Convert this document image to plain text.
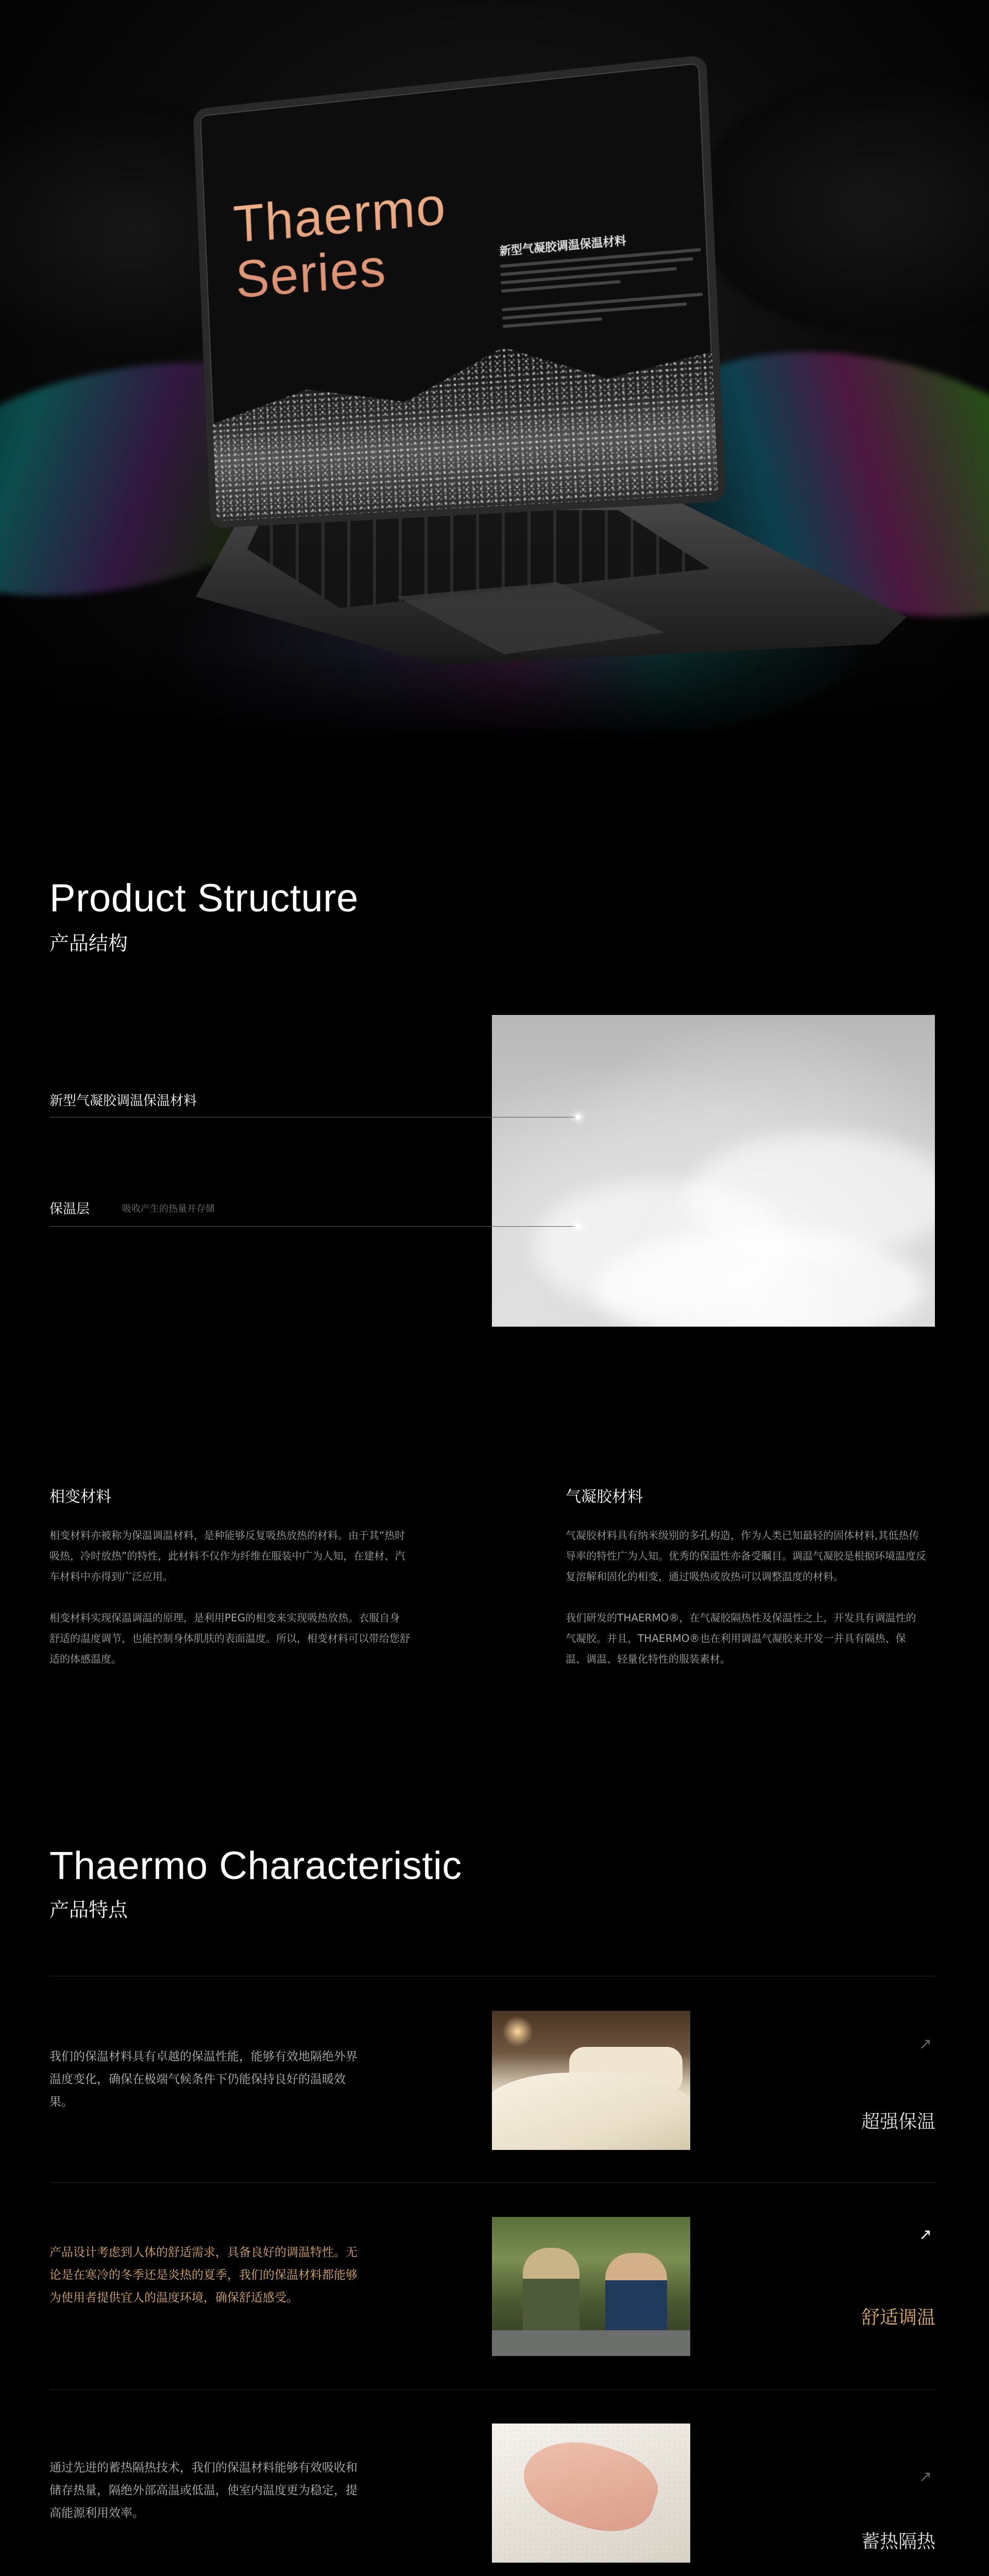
Thaermo
Series	新型气凝胶调温保温材料
Product Structure
产品结构
新型气凝胶调温保温材料
保温层	吸收产生的热量并存储
相变材料
相变材料亦被称为保温调温材料，是种能够反复吸热放热的材料。由于其“热时吸热，冷时放热”的特性，此材料不仅作为纤维在服装中广为人知，在建材、汽车材料中亦得到广泛应用。
相变材料实现保温调温的原理，是利用PEG的相变来实现吸热放热。衣服自身舒适的温度调节，也能控制身体肌肤的表面温度。所以，相变材料可以带给您舒适的体感温度。
气凝胶材料
气凝胶材料具有纳米级别的多孔构造，作为人类已知最轻的固体材料,其低热传导率的特性广为人知。优秀的保温性亦备受瞩目。调温气凝胶是根据环境温度反复溶解和固化的相变，通过吸热或放热可以调整温度的材料。
我们研发的THAERMO®，在气凝胶隔热性及保温性之上，开发具有调温性的气凝胶。并且，THAERMO®也在利用调温气凝胶来开发一并具有隔热、保温、调温、轻量化特性的服装素材。
Thaermo Characteristic
产品特点
我们的保温材料具有卓越的保温性能，能够有效地隔绝外界温度变化，确保在极端气候条件下仍能保持良好的温暖效果。
↗
超强保温
产品设计考虑到人体的舒适需求，具备良好的调温特性。无论是在寒冷的冬季还是炎热的夏季，我们的保温材料都能够为使用者提供宜人的温度环境，确保舒适感受。
↗
舒适调温
通过先进的蓄热隔热技术，我们的保温材料能够有效吸收和储存热量，隔绝外部高温或低温，使室内温度更为稳定，提高能源利用效率。
↗
蓄热隔热
